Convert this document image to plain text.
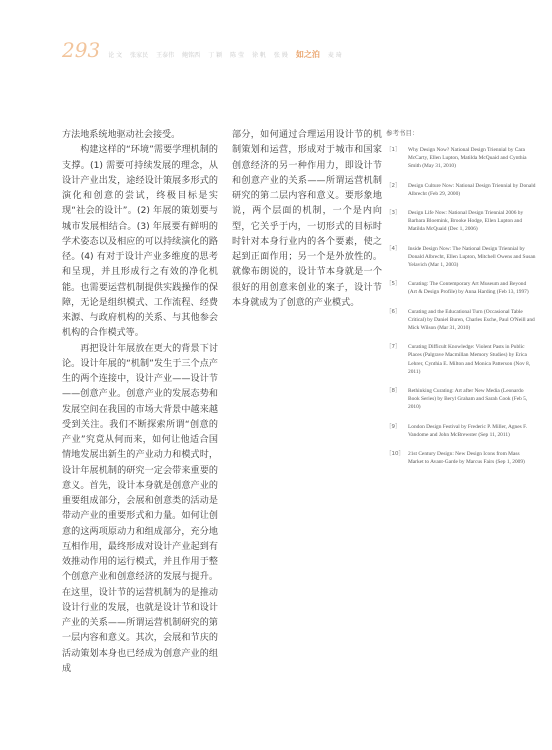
293 论 文 张家民 王泰伟 鲍铭西 丁 颖 陈 莹 徐 帆 张 嫚 如之泊 麦 琦

方法地系统地驱动社会接受。

构建这样的“环境”需要学理机制的支撑。(1) 需要可持续发展的理念，从设计产业出发，途经设计策展多形式的演化和创意的尝试，终极目标是实现“社会的设计”。(2) 年展的策划要与城市发展相结合。(3) 年展要有鲜明的学术姿态以及相应的可以持续演化的路径。(4) 有对于设计产业多维度的思考和呈现，并且形成行之有效的净化机能。也需要运营机制提供实践操作的保障，无论是组织模式、工作流程、经费来源、与政府机构的关系、与其他参会机构的合作模式等。

再把设计年展放在更大的背景下讨论。设计年展的“机制”发生于三个点产生的两个连接中，设计产业——设计节——创意产业。创意产业的发展态势和发展空间在我国的市场大背景中越来越受到关注。我们不断探索所谓“创意的产业”究竟从何而来，如何让他适合国情地发展出新生的产业动力和模式时，设计年展机制的研究一定会带来重要的意义。首先，设计本身就是创意产业的重要组成部分，会展和创意类的活动是带动产业的重要形式和力量。如何让创意的这两项原动力和组成部分，充分地互相作用，最终形成对设计产业起到有效推动作用的运行模式，并且作用于整个创意产业和创意经济的发展与提升。在这里，设计节的运营机制为的是推动设计行业的发展，也就是设计节和设计产业的关系——所谓运营机制研究的第一层内容和意义。其次，会展和节庆的活动策划本身也已经成为创意产业的组成

部分，如何通过合理运用设计节的机制策划和运营，形成对于城市和国家创意经济的另一种作用力，即设计节和创意产业的关系——所谓运营机制研究的第二层内容和意义。要形象地说，两个层面的机制，一个是内向型，它关乎于内，一切形式的目标时时针对本身行业内的各个要素，使之起到正面作用；另一个是外放性的。就像布朗说的，设计节本身就是一个很好的用创意来创业的案子，设计节本身就成为了创意的产业模式。

参考书目：
［1］	Why Design Now? National Design Triennial by Cara McCarty, Ellen Lupton, Matilda McQuaid and Cynthia Smith (May 31, 2010)
［2］	Design Culture Now: National Design Triennial by Donald Albrecht (Feb 29, 2000)
［3］	Design Life Now: National Design Triennial 2006 by Barbara Bloemink, Brooke Hodge, Ellen Lupton and Matilda McQuaid (Dec 1, 2006)
［4］	Inside Design Now: The National Design Triennial by Donald Albrecht, Ellen Lupton, Mitchell Owens and Susan Yelavich (Mar 1, 2003)
［5］	Curating: The Contemporary Art Museum and Beyond (Art & Design Profile) by Anna Harding (Feb 13, 1997)
［6］	Curating and the Educational Turn (Occasional Table Critical) by Daniel Buren, Charles Esche, Paul O'Neill and Mick Wilson (Mar 31, 2010)
［7］	Curating Difficult Knowledge: Violent Pasts in Public Places (Palgrave Macmillan Memory Studies) by Erica Lehrer, Cynthia E. Milton and Monica Patterson (Nov 8, 2011)
［8］	Rethinking Curating: Art after New Media (Leonardo Book Series) by Beryl Graham and Sarah Cook (Feb 5, 2010)
［9］	London Design Festival by Frederic P. Miller, Agnes F. Vandome and John McBrewster (Sep 11, 2011)
［10］ 21st Century Design: New Design Icons from Mass Market to Avant-Garde by Marcus Fairs (Sep 1, 2009)
